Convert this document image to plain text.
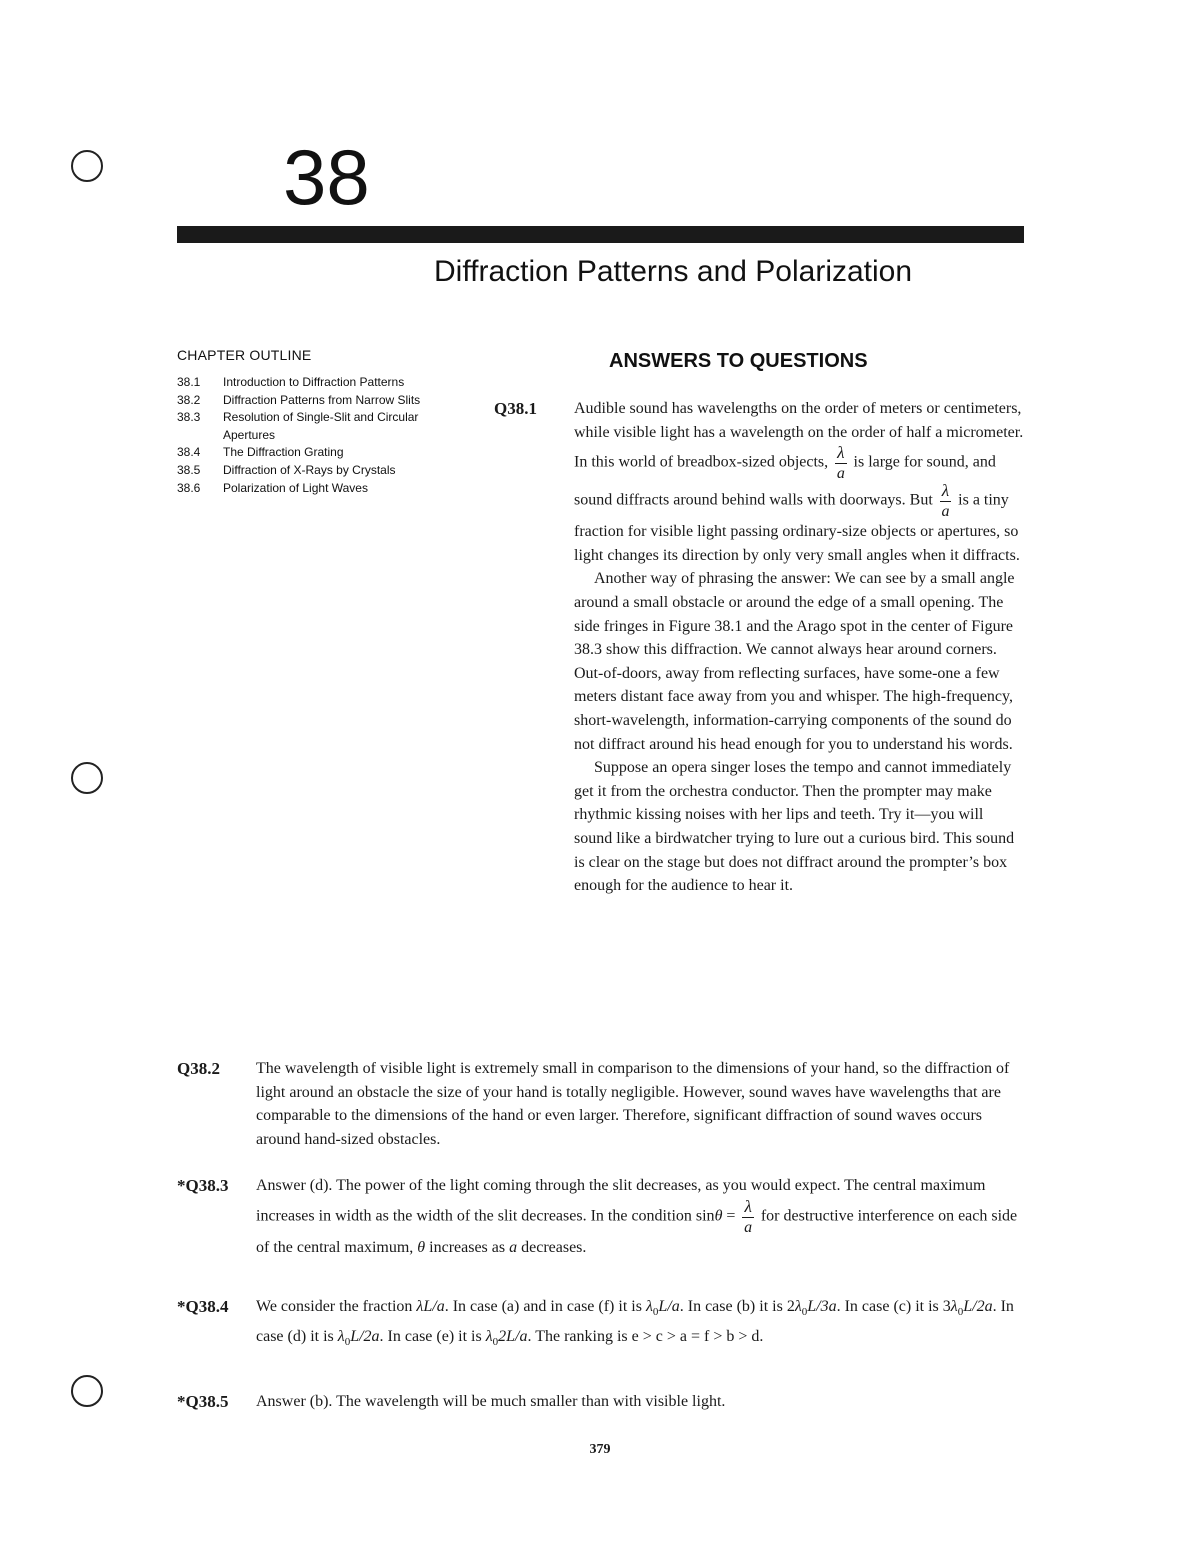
38
Diffraction Patterns and Polarization
CHAPTER OUTLINE
38.1	Introduction to Diffraction Patterns
38.2	Diffraction Patterns from Narrow Slits
38.3	Resolution of Single-Slit and Circular Apertures
38.4	The Diffraction Grating
38.5	Diffraction of X-Rays by Crystals
38.6	Polarization of Light Waves
ANSWERS TO QUESTIONS
Q38.1 Audible sound has wavelengths on the order of meters or centimeters, while visible light has a wavelength on the order of half a micrometer. In this world of breadbox-sized objects, $\frac{\lambda}{a}$ is large for sound, and sound diffracts around behind walls with doorways. But $\frac{\lambda}{a}$ is a tiny fraction for visible light passing ordinary-size objects or apertures, so light changes its direction by only very small angles when it diffracts.

Another way of phrasing the answer: We can see by a small angle around a small obstacle or around the edge of a small opening. The side fringes in Figure 38.1 and the Arago spot in the center of Figure 38.3 show this diffraction. We cannot always hear around corners. Out-of-doors, away from reflecting surfaces, have some-one a few meters distant face away from you and whisper. The high-frequency, short-wavelength, information-carrying components of the sound do not diffract around his head enough for you to understand his words.

Suppose an opera singer loses the tempo and cannot immediately get it from the orchestra conductor. Then the prompter may make rhythmic kissing noises with her lips and teeth. Try it—you will sound like a birdwatcher trying to lure out a curious bird. This sound is clear on the stage but does not diffract around the prompter’s box enough for the audience to hear it.

Q38.2 The wavelength of visible light is extremely small in comparison to the dimensions of your hand, so the diffraction of light around an obstacle the size of your hand is totally negligible. However, sound waves have wavelengths that are comparable to the dimensions of the hand or even larger. Therefore, significant diffraction of sound waves occurs around hand-sized obstacles.
*Q38.3 Answer (d). The power of the light coming through the slit decreases, as you would expect. The central maximum increases in width as the width of the slit decreases. In the condition $\sin\theta = \frac{\lambda}{a}$ for destructive interference on each side of the central maximum, θ increases as a decreases.
*Q38.4 We consider the fraction λL/a. In case (a) and in case (f) it is $\lambda_0L/a$. In case (b) it is $2\lambda_0L/3a$. In case (c) it is $3\lambda_0L/2a$. In case (d) it is $\lambda_0L/2a$. In case (e) it is $\lambda_02L/a$. The ranking is e > c > a = f > b > d.
*Q38.5 Answer (b). The wavelength will be much smaller than with visible light.
379
